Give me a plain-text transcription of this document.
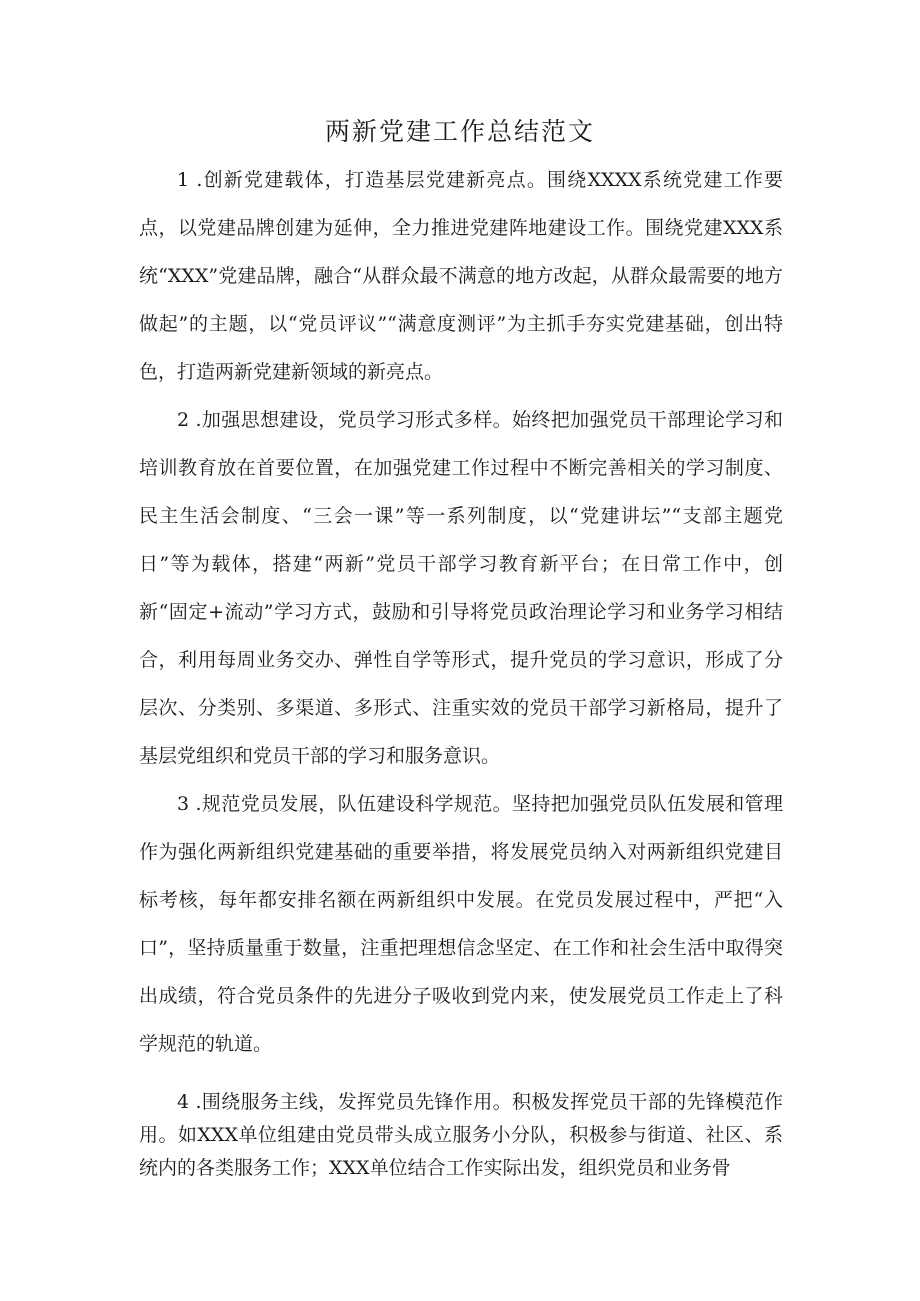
两新党建工作总结范文

1 .创新党建载体，打造基层党建新亮点。围绕XXXX系统党建工作要点，以党建品牌创建为延伸，全力推进党建阵地建设工作。围绕党建XXX系统“XXX”党建品牌，融合“从群众最不满意的地方改起，从群众最需要的地方做起”的主题，以“党员评议”“满意度测评”为主抓手夯实党建基础，创出特色，打造两新党建新领域的新亮点。

2 .加强思想建设，党员学习形式多样。始终把加强党员干部理论学习和培训教育放在首要位置，在加强党建工作过程中不断完善相关的学习制度、民主生活会制度、“三会一课”等一系列制度，以“党建讲坛”“支部主题党日”等为载体，搭建“两新”党员干部学习教育新平台；在日常工作中，创新“固定+流动”学习方式，鼓励和引导将党员政治理论学习和业务学习相结合，利用每周业务交办、弹性自学等形式，提升党员的学习意识，形成了分层次、分类别、多渠道、多形式、注重实效的党员干部学习新格局，提升了基层党组织和党员干部的学习和服务意识。

3 .规范党员发展，队伍建设科学规范。坚持把加强党员队伍发展和管理作为强化两新组织党建基础的重要举措，将发展党员纳入对两新组织党建目标考核，每年都安排名额在两新组织中发展。在党员发展过程中，严把“入口”，坚持质量重于数量，注重把理想信念坚定、在工作和社会生活中取得突出成绩，符合党员条件的先进分子吸收到党内来，使发展党员工作走上了科学规范的轨道。

4 .围绕服务主线，发挥党员先锋作用。积极发挥党员干部的先锋模范作用。如XXX单位组建由党员带头成立服务小分队，积极参与街道、社区、系统内的各类服务工作；XXX单位结合工作实际出发，组织党员和业务骨
